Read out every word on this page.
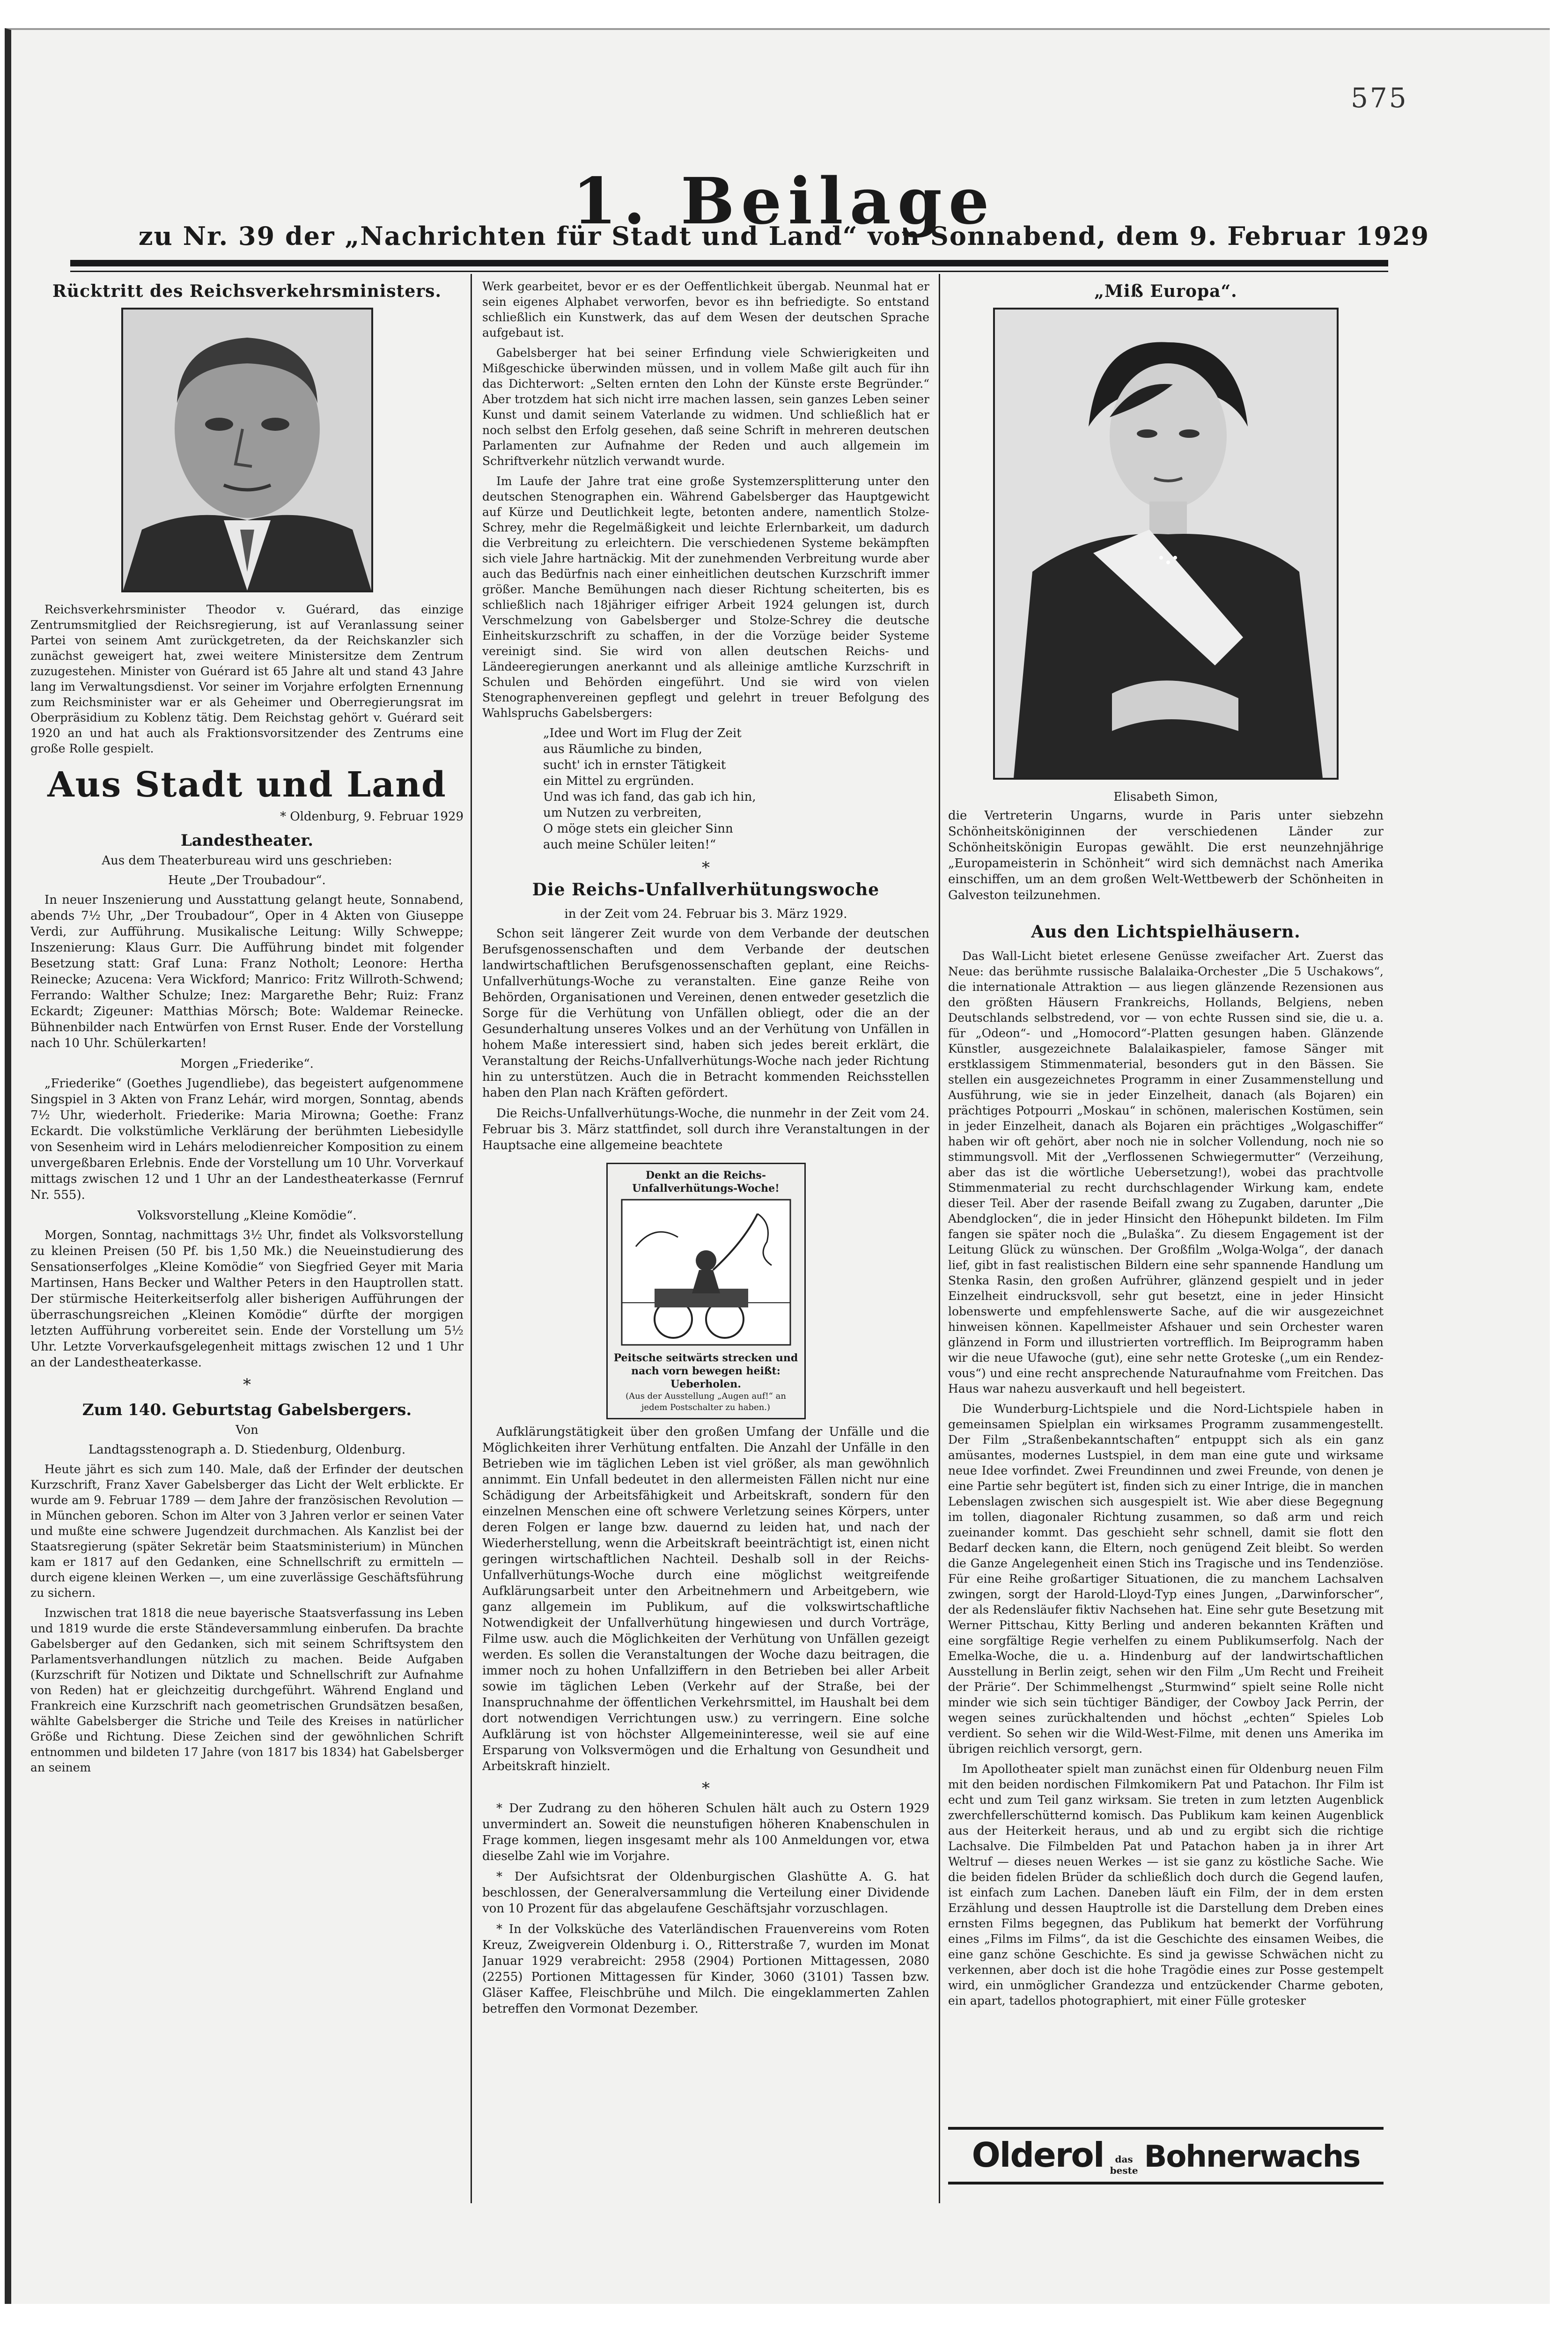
575
1. Beilage
zu Nr. 39 der „Nachrichten für Stadt und Land“ von Sonnabend, dem 9. Februar 1929
Rücktritt des Reichsverkehrsministers.

Reichsverkehrsminister Theodor v. Guérard, das einzige Zentrumsmitglied der Reichsregierung, ist auf Veranlassung seiner Partei von seinem Amt zurückgetreten, da der Reichskanzler sich zunächst geweigert hat, zwei weitere Ministersitze dem Zentrum zuzugestehen. Minister von Guérard ist 65 Jahre alt und stand 43 Jahre lang im Verwaltungsdienst. Vor seiner im Vorjahre erfolgten Ernennung zum Reichsminister war er als Geheimer und Oberregierungsrat im Oberpräsidium zu Koblenz tätig. Dem Reichstag gehört v. Guérard seit 1920 an und hat auch als Fraktionsvorsitzender des Zentrums eine große Rolle gespielt.

Aus Stadt und Land
* Oldenburg, 9. Februar 1929
Landestheater.
Aus dem Theaterbureau wird uns geschrieben:
Heute „Der Troubadour“.

In neuer Inszenierung und Ausstattung gelangt heute, Sonnabend, abends 7½ Uhr, „Der Troubadour“, Oper in 4 Akten von Giuseppe Verdi, zur Aufführung. Musikalische Leitung: Willy Schweppe; Inszenierung: Klaus Gurr. Die Aufführung bindet mit folgender Besetzung statt: Graf Luna: Franz Notholt; Leonore: Hertha Reinecke; Azucena: Vera Wickford; Manrico: Fritz Willroth-Schwend; Ferrando: Walther Schulze; Inez: Margarethe Behr; Ruiz: Franz Eckardt; Zigeuner: Matthias Mörsch; Bote: Waldemar Reinecke. Bühnenbilder nach Entwürfen von Ernst Ruser. Ende der Vorstellung nach 10 Uhr. Schülerkarten!

Morgen „Friederike“.

„Friederike“ (Goethes Jugendliebe), das begeistert aufgenommene Singspiel in 3 Akten von Franz Lehár, wird morgen, Sonntag, abends 7½ Uhr, wiederholt. Friederike: Maria Mirowna; Goethe: Franz Eckardt. Die volkstümliche Verklärung der berühmten Liebesidylle von Sesenheim wird in Lehárs melodienreicher Komposition zu einem unvergeßbaren Erlebnis. Ende der Vorstellung um 10 Uhr. Vorverkauf mittags zwischen 12 und 1 Uhr an der Landestheaterkasse (Fernruf Nr. 555).

Volksvorstellung „Kleine Komödie“.

Morgen, Sonntag, nachmittags 3½ Uhr, findet als Volksvorstellung zu kleinen Preisen (50 Pf. bis 1,50 Mk.) die Neueinstudierung des Sensationserfolges „Kleine Komödie“ von Siegfried Geyer mit Maria Martinsen, Hans Becker und Walther Peters in den Hauptrollen statt. Der stürmische Heiterkeitserfolg aller bisherigen Aufführungen der überraschungsreichen „Kleinen Komödie“ dürfte der morgigen letzten Aufführung vorbereitet sein. Ende der Vorstellung um 5½ Uhr. Letzte Vorverkaufsgelegenheit mittags zwischen 12 und 1 Uhr an der Landestheaterkasse.

*
Zum 140. Geburtstag Gabelsbergers.
Von
Landtagsstenograph a. D. Stiedenburg, Oldenburg.

Heute jährt es sich zum 140. Male, daß der Erfinder der deutschen Kurzschrift, Franz Xaver Gabelsberger das Licht der Welt erblickte. Er wurde am 9. Februar 1789 — dem Jahre der französischen Revolution — in München geboren. Schon im Alter von 3 Jahren verlor er seinen Vater und mußte eine schwere Jugendzeit durchmachen. Als Kanzlist bei der Staatsregierung (später Sekretär beim Staatsministerium) in München kam er 1817 auf den Gedanken, eine Schnellschrift zu ermitteln — durch eigene kleinen Werken —, um eine zuverlässige Geschäftsführung zu sichern.

Inzwischen trat 1818 die neue bayerische Staatsverfassung ins Leben und 1819 wurde die erste Ständeversammlung einberufen. Da brachte Gabelsberger auf den Gedanken, sich mit seinem Schriftsystem den Parlamentsverhandlungen nützlich zu machen. Beide Aufgaben (Kurzschrift für Notizen und Diktate und Schnellschrift zur Aufnahme von Reden) hat er gleichzeitig durchgeführt. Während England und Frankreich eine Kurzschrift nach geometrischen Grundsätzen besaßen, wählte Gabelsberger die Striche und Teile des Kreises in natürlicher Größe und Richtung. Diese Zeichen sind der gewöhnlichen Schrift entnommen und bildeten 17 Jahre (von 1817 bis 1834) hat Gabelsberger an seinem

Werk gearbeitet, bevor er es der Oeffentlichkeit übergab. Neunmal hat er sein eigenes Alphabet verworfen, bevor es ihn befriedigte. So entstand schließlich ein Kunstwerk, das auf dem Wesen der deutschen Sprache aufgebaut ist.

Gabelsberger hat bei seiner Erfindung viele Schwierigkeiten und Mißgeschicke überwinden müssen, und in vollem Maße gilt auch für ihn das Dichterwort: „Selten ernten den Lohn der Künste erste Begründer.“ Aber trotzdem hat sich nicht irre machen lassen, sein ganzes Leben seiner Kunst und damit seinem Vaterlande zu widmen. Und schließlich hat er noch selbst den Erfolg gesehen, daß seine Schrift in mehreren deutschen Parlamenten zur Aufnahme der Reden und auch allgemein im Schriftverkehr nützlich verwandt wurde.

Im Laufe der Jahre trat eine große Systemzersplitterung unter den deutschen Stenographen ein. Während Gabelsberger das Hauptgewicht auf Kürze und Deutlichkeit legte, betonten andere, namentlich Stolze-Schrey, mehr die Regelmäßigkeit und leichte Erlernbarkeit, um dadurch die Verbreitung zu erleichtern. Die verschiedenen Systeme bekämpften sich viele Jahre hartnäckig. Mit der zunehmenden Verbreitung wurde aber auch das Bedürfnis nach einer einheitlichen deutschen Kurzschrift immer größer. Manche Bemühungen nach dieser Richtung scheiterten, bis es schließlich nach 18jähriger eifriger Arbeit 1924 gelungen ist, durch Verschmelzung von Gabelsberger und Stolze-Schrey die deutsche Einheitskurzschrift zu schaffen, in der die Vorzüge beider Systeme vereinigt sind. Sie wird von allen deutschen Reichs- und Ländeeregierungen anerkannt und als alleinige amtliche Kurzschrift in Schulen und Behörden eingeführt. Und sie wird von vielen Stenographenvereinen gepflegt und gelehrt in treuer Befolgung des Wahlspruchs Gabelsbergers:

„Idee und Wort im Flug der Zeit
aus Räumliche zu binden,
sucht' ich in ernster Tätigkeit
ein Mittel zu ergründen.
Und was ich fand, das gab ich hin,
um Nutzen zu verbreiten,
O möge stets ein gleicher Sinn
auch meine Schüler leiten!“
*
Die Reichs-Unfallverhütungswoche
in der Zeit vom 24. Februar bis 3. März 1929.

Schon seit längerer Zeit wurde von dem Verbande der deutschen Berufsgenossenschaften und dem Verbande der deutschen landwirtschaftlichen Berufsgenossenschaften geplant, eine Reichs-Unfallverhütungs-Woche zu veranstalten. Eine ganze Reihe von Behörden, Organisationen und Vereinen, denen entweder gesetzlich die Sorge für die Verhütung von Unfällen obliegt, oder die an der Gesunderhaltung unseres Volkes und an der Verhütung von Unfällen in hohem Maße interessiert sind, haben sich jedes bereit erklärt, die Veranstaltung der Reichs-Unfallverhütungs-Woche nach jeder Richtung hin zu unterstützen. Auch die in Betracht kommenden Reichsstellen haben den Plan nach Kräften gefördert.

Die Reichs-Unfallverhütungs-Woche, die nunmehr in der Zeit vom 24. Februar bis 3. März stattfindet, soll durch ihre Veranstaltungen in der Hauptsache eine allgemeine beachtete

Denkt an die Reichs-Unfallverhütungs-Woche!
Peitsche seitwärts strecken und nach vorn bewegen heißt: Ueberholen.
(Aus der Ausstellung „Augen auf!“ an jedem Postschalter zu haben.)

Aufklärungstätigkeit über den großen Umfang der Unfälle und die Möglichkeiten ihrer Verhütung entfalten. Die Anzahl der Unfälle in den Betrieben wie im täglichen Leben ist viel größer, als man gewöhnlich annimmt. Ein Unfall bedeutet in den allermeisten Fällen nicht nur eine Schädigung der Arbeitsfähigkeit und Arbeitskraft, sondern für den einzelnen Menschen eine oft schwere Verletzung seines Körpers, unter deren Folgen er lange bzw. dauernd zu leiden hat, und nach der Wiederherstellung, wenn die Arbeitskraft beeinträchtigt ist, einen nicht geringen wirtschaftlichen Nachteil. Deshalb soll in der Reichs-Unfallverhütungs-Woche durch eine möglichst weitgreifende Aufklärungsarbeit unter den Arbeitnehmern und Arbeitgebern, wie ganz allgemein im Publikum, auf die volkswirtschaftliche Notwendigkeit der Unfallverhütung hingewiesen und durch Vorträge, Filme usw. auch die Möglichkeiten der Verhütung von Unfällen gezeigt werden. Es sollen die Veranstaltungen der Woche dazu beitragen, die immer noch zu hohen Unfallziffern in den Betrieben bei aller Arbeit sowie im täglichen Leben (Verkehr auf der Straße, bei der Inanspruchnahme der öffentlichen Verkehrsmittel, im Haushalt bei dem dort notwendigen Verrichtungen usw.) zu verringern. Eine solche Aufklärung ist von höchster Allgemeininteresse, weil sie auf eine Ersparung von Volksvermögen und die Erhaltung von Gesundheit und Arbeitskraft hinzielt.

*

* Der Zudrang zu den höheren Schulen hält auch zu Ostern 1929 unvermindert an. Soweit die neunstufigen höheren Knabenschulen in Frage kommen, liegen insgesamt mehr als 100 Anmeldungen vor, etwa dieselbe Zahl wie im Vorjahre.

* Der Aufsichtsrat der Oldenburgischen Glashütte A. G. hat beschlossen, der Generalversammlung die Verteilung einer Dividende von 10 Prozent für das abgelaufene Geschäftsjahr vorzuschlagen.

* In der Volksküche des Vaterländischen Frauenvereins vom Roten Kreuz, Zweigverein Oldenburg i. O., Ritterstraße 7, wurden im Monat Januar 1929 verabreicht: 2958 (2904) Portionen Mittagessen, 2080 (2255) Portionen Mittagessen für Kinder, 3060 (3101) Tassen bzw. Gläser Kaffee, Fleischbrühe und Milch. Die eingeklammerten Zahlen betreffen den Vormonat Dezember.

„Miß Europa“.
Elisabeth Simon,

die Vertreterin Ungarns, wurde in Paris unter siebzehn Schönheitsköniginnen der verschiedenen Länder zur Schönheitskönigin Europas gewählt. Die erst neunzehnjährige „Europameisterin in Schönheit“ wird sich demnächst nach Amerika einschiffen, um an dem großen Welt-Wettbewerb der Schönheiten in Galveston teilzunehmen.

Aus den Lichtspielhäusern.

Das Wall-Licht bietet erlesene Genüsse zweifacher Art. Zuerst das Neue: das berühmte russische Balalaika-Orchester „Die 5 Uschakows“, die internationale Attraktion — aus liegen glänzende Rezensionen aus den größten Häusern Frankreichs, Hollands, Belgiens, neben Deutschlands selbstredend, vor — von echte Russen sind sie, die u. a. für „Odeon“- und „Homocord“-Platten gesungen haben. Glänzende Künstler, ausgezeichnete Balalaikaspieler, famose Sänger mit erstklassigem Stimmenmaterial, besonders gut in den Bässen. Sie stellen ein ausgezeichnetes Programm in einer Zusammenstellung und Ausführung, wie sie in jeder Einzelheit, danach (als Bojaren) ein prächtiges Potpourri „Moskau“ in schönen, malerischen Kostümen, sein in jeder Einzelheit, danach als Bojaren ein prächtiges „Wolgaschiffer“ haben wir oft gehört, aber noch nie in solcher Vollendung, noch nie so stimmungsvoll. Mit der „Verflossenen Schwiegermutter“ (Verzeihung, aber das ist die wörtliche Uebersetzung!), wobei das prachtvolle Stimmenmaterial zu recht durchschlagender Wirkung kam, endete dieser Teil. Aber der rasende Beifall zwang zu Zugaben, darunter „Die Abendglocken“, die in jeder Hinsicht den Höhepunkt bildeten. Im Film fangen sie später noch die „Bulaška“. Zu diesem Engagement ist der Leitung Glück zu wünschen. Der Großfilm „Wolga-Wolga“, der danach lief, gibt in fast realistischen Bildern eine sehr spannende Handlung um Stenka Rasin, den großen Aufrührer, glänzend gespielt und in jeder Einzelheit eindrucksvoll, sehr gut besetzt, eine in jeder Hinsicht lobenswerte und empfehlenswerte Sache, auf die wir ausgezeichnet hinweisen können. Kapellmeister Afshauer und sein Orchester waren glänzend in Form und illustrierten vortrefflich. Im Beiprogramm haben wir die neue Ufawoche (gut), eine sehr nette Groteske („um ein Rendez-vous“) und eine recht ansprechende Naturaufnahme vom Freitchen. Das Haus war nahezu ausverkauft und hell begeistert.

Die Wunderburg-Lichtspiele und die Nord-Lichtspiele haben in gemeinsamen Spielplan ein wirksames Programm zusammengestellt. Der Film „Straßenbekanntschaften“ entpuppt sich als ein ganz amüsantes, modernes Lustspiel, in dem man eine gute und wirksame neue Idee vorfindet. Zwei Freundinnen und zwei Freunde, von denen je eine Partie sehr begütert ist, finden sich zu einer Intrige, die in manchen Lebenslagen zwischen sich ausgespielt ist. Wie aber diese Begegnung im tollen, diagonaler Richtung zusammen, so daß arm und reich zueinander kommt. Das geschieht sehr schnell, damit sie flott den Bedarf decken kann, die Eltern, noch genügend Zeit bleibt. So werden die Ganze Angelegenheit einen Stich ins Tragische und ins Tendenziöse. Für eine Reihe großartiger Situationen, die zu manchem Lachsalven zwingen, sorgt der Harold-Lloyd-Typ eines Jungen, „Darwinforscher“, der als Redensläufer fiktiv Nachsehen hat. Eine sehr gute Besetzung mit Werner Pittschau, Kitty Berling und anderen bekannten Kräften und eine sorgfältige Regie verhelfen zu einem Publikumserfolg. Nach der Emelka-Woche, die u. a. Hindenburg auf der landwirtschaftlichen Ausstellung in Berlin zeigt, sehen wir den Film „Um Recht und Freiheit der Prärie“. Der Schimmelhengst „Sturmwind“ spielt seine Rolle nicht minder wie sich sein tüchtiger Bändiger, der Cowboy Jack Perrin, der wegen seines zurückhaltenden und höchst „echten“ Spieles Lob verdient. So sehen wir die Wild-West-Filme, mit denen uns Amerika im übrigen reichlich versorgt, gern.

Im Apollotheater spielt man zunächst einen für Oldenburg neuen Film mit den beiden nordischen Filmkomikern Pat und Patachon. Ihr Film ist echt und zum Teil ganz wirksam. Sie treten in zum letzten Augenblick zwerchfellerschütternd komisch. Das Publikum kam keinen Augenblick aus der Heiterkeit heraus, und ab und zu ergibt sich die richtige Lachsalve. Die Filmbelden Pat und Patachon haben ja in ihrer Art Weltruf — dieses neuen Werkes — ist sie ganz zu köstliche Sache. Wie die beiden fidelen Brüder da schließlich doch durch die Gegend laufen, ist einfach zum Lachen. Daneben läuft ein Film, der in dem ersten Erzählung und dessen Hauptrolle ist die Darstellung dem Dreben eines ernsten Films begegnen, das Publikum hat bemerkt der Vorführung eines „Films im Films“, da ist die Geschichte des einsamen Weibes, die eine ganz schöne Geschichte. Es sind ja gewisse Schwächen nicht zu verkennen, aber doch ist die hohe Tragödie eines zur Posse gestempelt wird, ein unmöglicher Grandezza und entzückender Charme geboten, ein apart, tadellos photographiert, mit einer Fülle grotesker

Olderol das
beste Bohnerwachs
